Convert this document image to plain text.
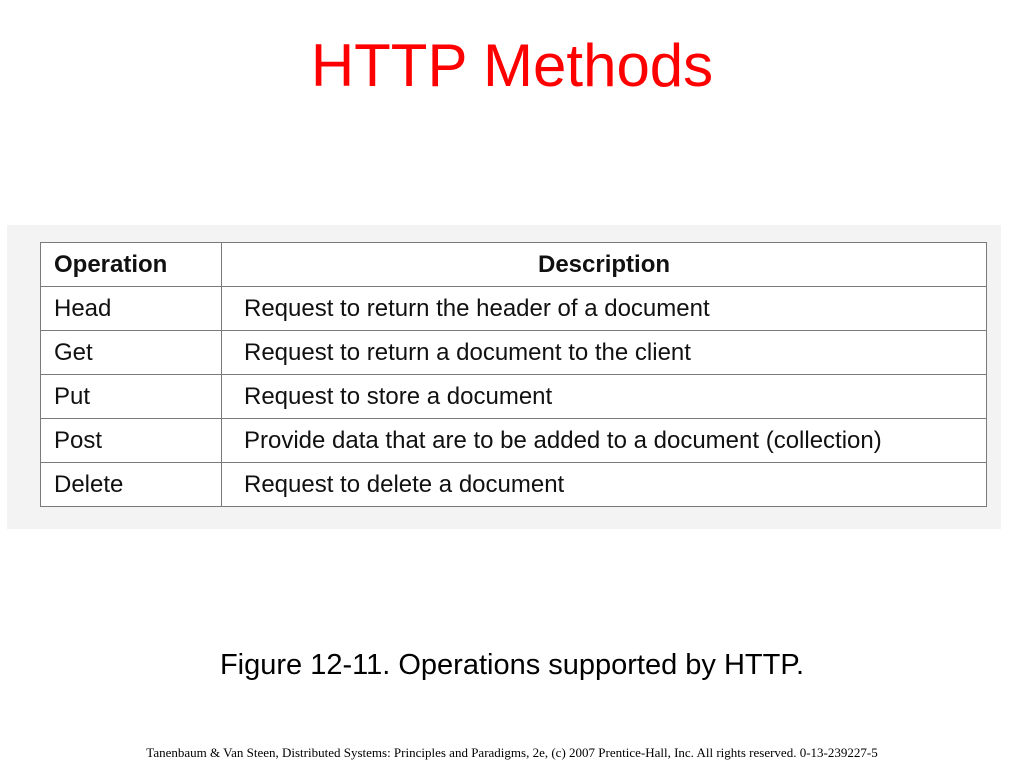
HTTP Methods
Operation	Description
Head	Request to return the header of a document
Get	Request to return a document to the client
Put	Request to store a document
Post	Provide data that are to be added to a document (collection)
Delete	Request to delete a document
Figure 12-11. Operations supported by HTTP.
Tanenbaum & Van Steen, Distributed Systems: Principles and Paradigms, 2e, (c) 2007 Prentice-Hall, Inc. All rights reserved. 0-13-239227-5
